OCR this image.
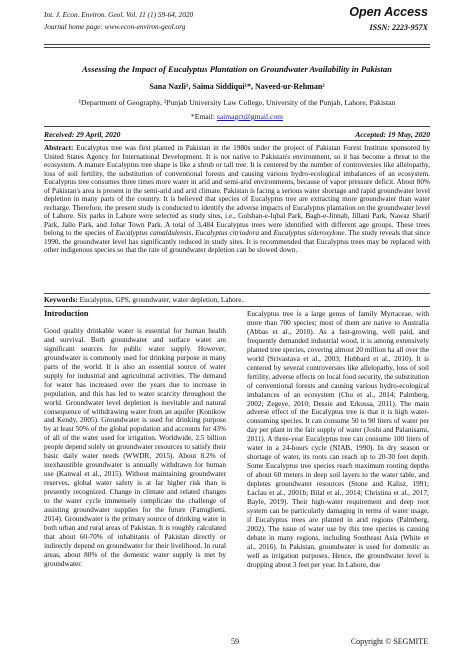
Int. J. Econ. Environ. Geol. Vol. 11 (1) 59-64, 2020
Journal home page: www.econ-environ-geol.org
Open Access
ISSN: 2223-957X
Assessing the Impact of Eucalyptus Plantation on Groundwater Availability in Pakistan
Sana Nazli¹, Saima Siddiqui¹*, Naveed-ur-Rehman²
¹Department of Geography, ²Punjab University Law College, University of the Punjab, Lahore, Pakistan
*Email: saimagct@gmail.com
Received: 29 April, 2020	Accepted: 19 May, 2020
Abstract: Eucalyptus tree was first planted in Pakistan in the 1980s under the project of Pakistan Forest Institute sponsored by United States Agency for International Development. It is not native to Pakistan's environment, so it has become a threat to the ecosystem. A mature Eucalyptus tree shape is like a shrub or tall tree. It is centered by the number of controversies like allelopathy, loss of soil fertility, the substitution of conventional forests and causing various hydro-ecological imbalances of an ecosystem. Eucalyptus tree consumes three times more water in arid and semi-arid environments, because of vapor pressure deficit. About 80% of Pakistan's area is present in the semi-arid and arid climate. Pakistan is facing a serious water shortage and rapid groundwater level depletion in many parts of the country. It is believed that species of Eucalyptus tree are extracting more groundwater than water recharge. Therefore, the present study is conducted to identify the adverse impacts of Eucalyptus plantation on the groundwater level of Lahore. Six parks in Lahore were selected as study sites, i.e., Gulshan-e-Iqbal Park, Bagh-e-Jinnah, Jillani Park, Nawaz Sharif Park, Jallo Park, and Johar Town Park. A total of 3,484 Eucalyptus trees were identified with different age groups. These trees belong to the species of Eucalyptus camaldulensis, Eucalyptus citriodora and Eucalyptus sideroxylone. The study reveals that since 1990, the groundwater level has significantly reduced in study sites. It is recommended that Eucalyptus trees may be replaced with other indigenous species so that the rate of groundwater depletion can be slowed down.
Keywords: Eucalyptus, GPS, groundwater, water depletion, Lahore.
Introduction
Good quality drinkable water is essential for human health and survival. Both groundwater and surface water are significant sources for public water supply. However, groundwater is commonly used for drinking purpose in many parts of the world. It is also an essential source of water supply for industrial and agricultural activities. The demand for water has increased over the years due to increase in population, and this has led to water scarcity throughout the world. Groundwater level depletion is inevitable and natural consequence of withdrawing water from an aquifer (Konikow and Kendy, 2005). Groundwater is used for drinking purpose by at least 50% of the global population and accounts for 43% of all of the water used for irrigation. Worldwide, 2.5 billion people depend solely on groundwater resources to satisfy their basic daily water needs (WWDR, 2015). About 8.2% of inexhaustible groundwater is annually withdrawn for human use (Kanwal et al., 2015). Without maintaining groundwater reserves, global water safety is at far higher risk than is presently recognized. Change in climate and related changes to the water cycle immensely complicate the challenge of assisting groundwater supplies for the future (Famiglietti, 2014). Groundwater is the primary source of drinking water in both urban and rural areas of Pakistan. It is roughly calculated that about 60-70% of inhabitants of Pakistan directly or indirectly depend on groundwater for their livelihood. In rural areas, about 80% of the domestic water supply is met by groundwater.
Eucalyptus tree is a large genus of family Myrtaceae, with more than 700 species; most of them are native to Australia (Abbas et al., 2010). As a fast-growing, well paid, and frequently demanded industrial wood, it is among extensively planted tree species, covering almost 20 million ha all over the world (Srivastava et al., 2003; Hubbard et al., 2010). It is centered by several controversies like allelopathy, loss of soil fertility, adverse effects on local food security, the substitution of conventional forests and causing various hydro-ecological imbalances of an ecosystem (Chu et al., 2014; Palmberg, 2002; Zegeye, 2010; Dessie and Erkossa, 2011). The main adverse effect of the Eucalyptus tree is that it is high water-consuming species. It can consume 50 to 90 liters of water per day per plant in the fair supply of water (Joshi and Palanisami, 2011). A three-year Eucalyptus tree can consume 100 liters of water in a 24-hours cycle (NIAB, 1990). In dry season or shortage of water, its roots can reach up to 20-30 feet depth. Some Eucalyptus tree species reach maximum rooting depths of about 60 meters in deep soil layers to the water table, and depletes groundwater resources (Stone and Kalisz, 1991; Laclau et al., 2001b; Bilal et al., 2014; Christina et al., 2017; Bayle, 2019). Their high-water requirement and deep root system can be particularly damaging in terms of water usage, if Eucalyptus trees are planted in arid regions (Palmberg, 2002). The issue of water use by this tree species is causing debate in many regions, including Southeast Asia (White et al., 2016). In Pakistan, groundwater is used for domestic as well as irrigation purposes. Hence, the groundwater level is dropping about 3 feet per year. In Lahore, due
59	Copyright © SEGMITE
